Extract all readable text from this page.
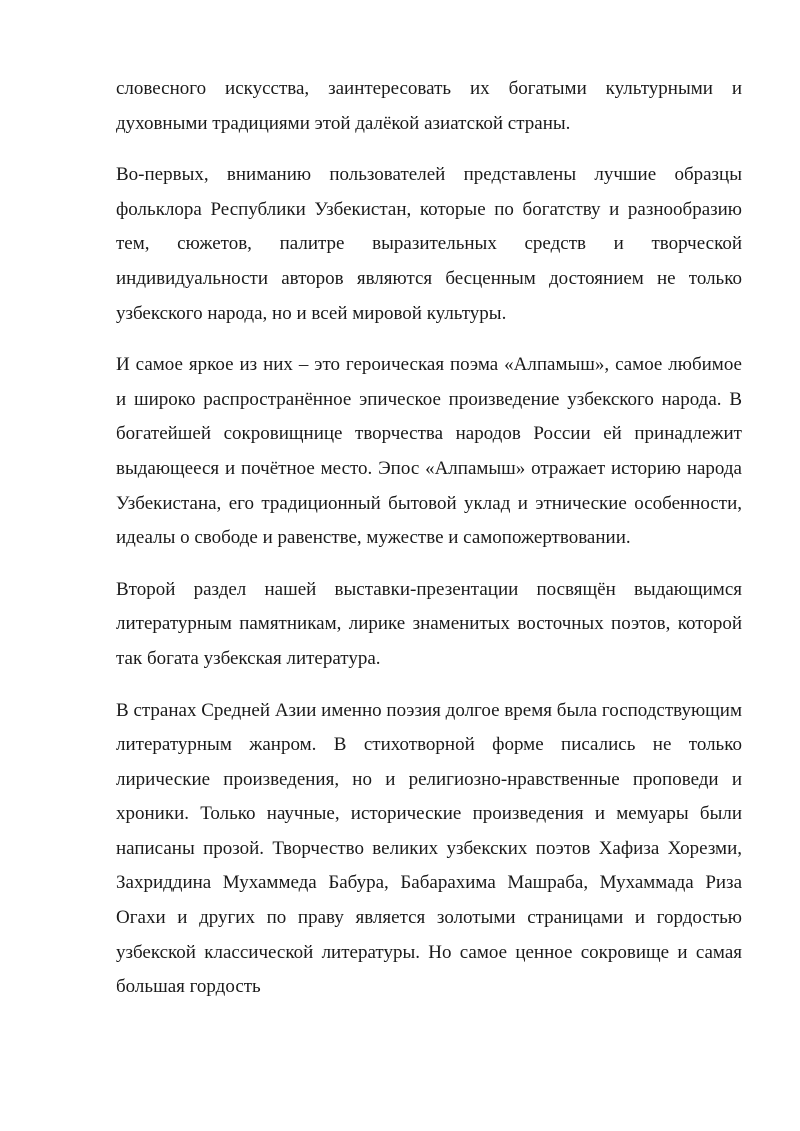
словесного искусства, заинтересовать их богатыми культурными и духовными традициями этой далёкой азиатской страны.

Во-первых, вниманию пользователей представлены лучшие образцы фольклора Республики Узбекистан, которые по богатству и разнообразию тем, сюжетов, палитре выразительных средств и творческой индивидуальности авторов являются бесценным достоянием не только узбекского народа, но и всей мировой культуры.

И самое яркое из них – это героическая поэма «Алпамыш», самое любимое и широко распространённое эпическое произведение узбекского народа. В богатейшей сокровищнице творчества народов России ей принадлежит выдающееся и почётное место. Эпос «Алпамыш» отражает историю народа Узбекистана, его традиционный бытовой уклад и этнические особенности, идеалы о свободе и равенстве, мужестве и самопожертвовании.

Второй раздел нашей выставки-презентации посвящён выдающимся литературным памятникам, лирике знаменитых восточных поэтов, которой так богата узбекская литература.

В странах Средней Азии именно поэзия долгое время была господствующим литературным жанром. В стихотворной форме писались не только лирические произведения, но и религиозно-нравственные проповеди и хроники. Только научные, исторические произведения и мемуары были написаны прозой. Творчество великих узбекских поэтов Хафиза Хорезми, Захриддина Мухаммеда Бабура, Бабарахима Машраба, Мухаммада Риза Огахи и других по праву является золотыми страницами и гордостью узбекской классической литературы. Но самое ценное сокровище и самая большая гордость
